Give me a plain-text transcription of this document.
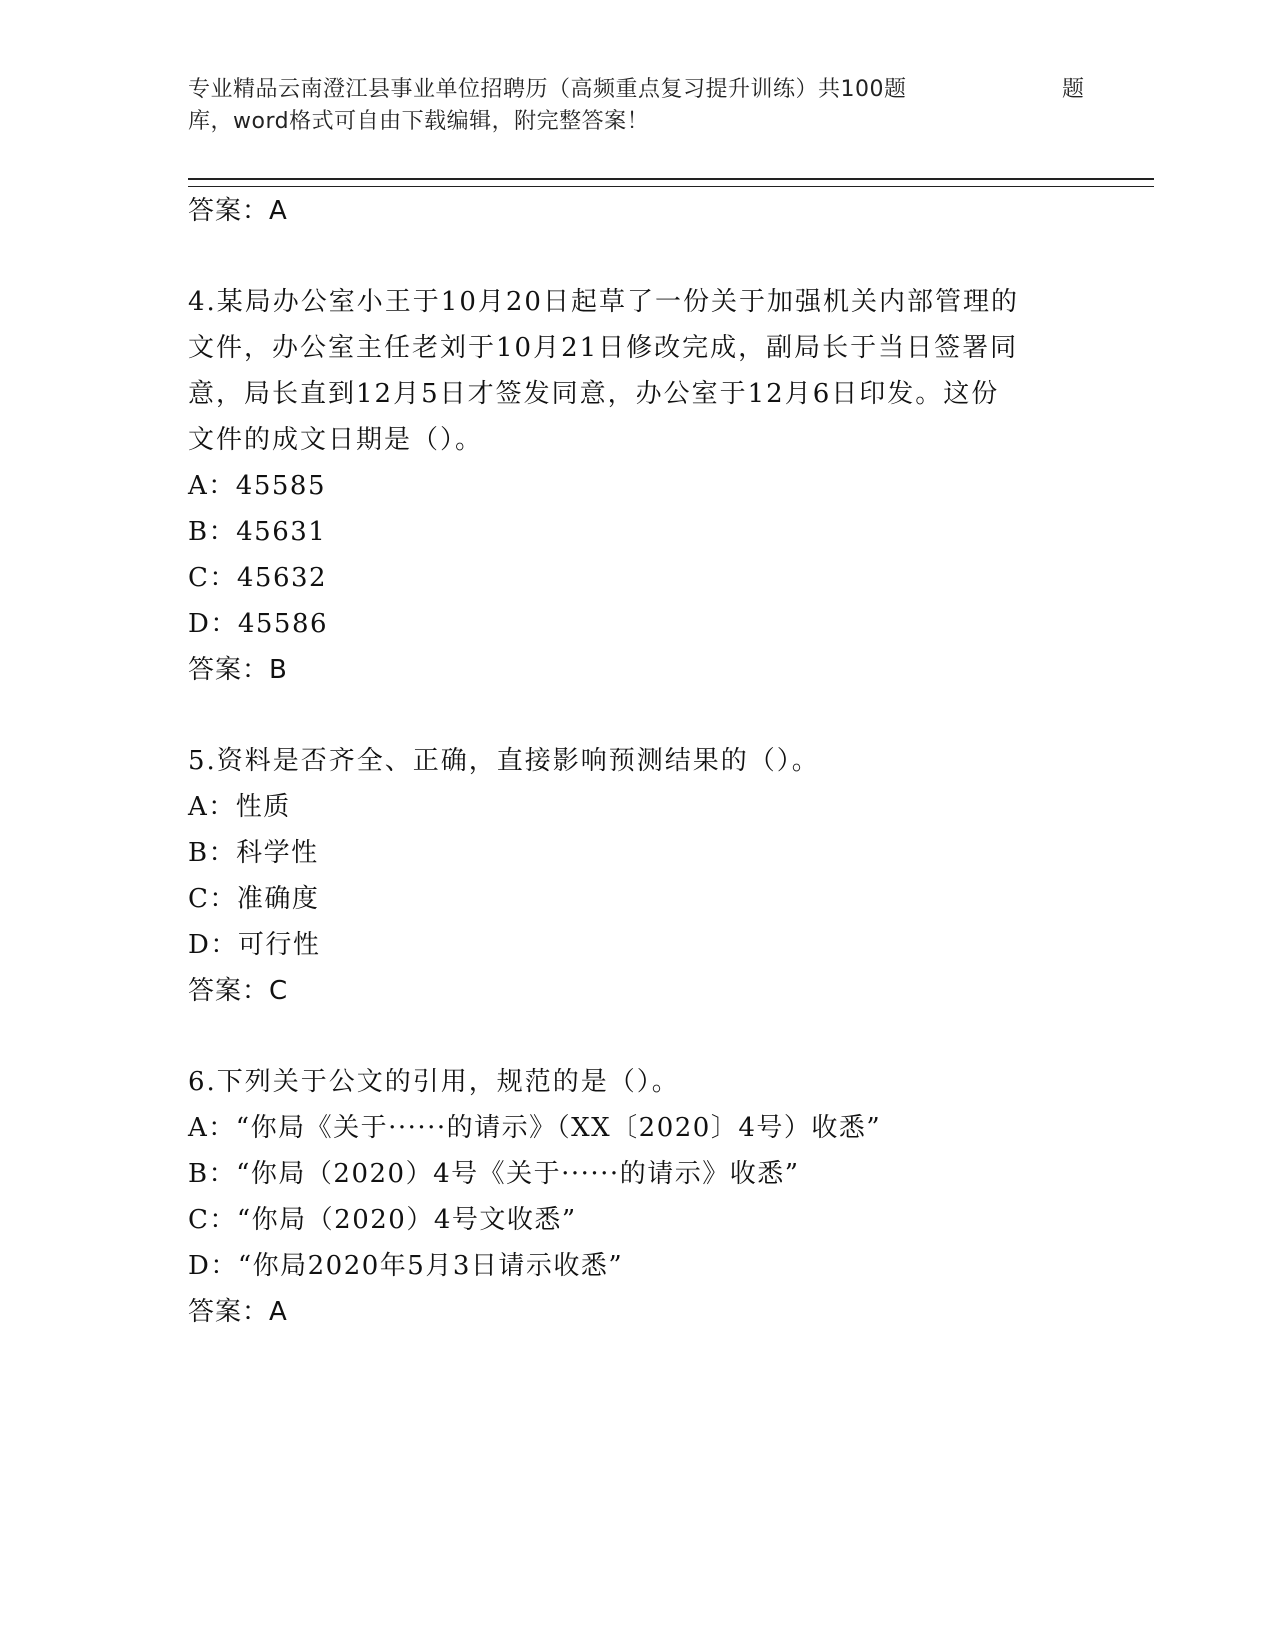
专业精品云南澄江县事业单位招聘历（高频重点复习提升训练）共100题	题
库，word格式可自由下载编辑，附完整答案！
答案：A
4.某局办公室小王于10月20日起草了一份关于加强机关内部管理的
文件，办公室主任老刘于10月21日修改完成，副局长于当日签署同
意，局长直到12月5日才签发同意，办公室于12月6日印发。这份
文件的成文日期是（）。
A：45585
B：45631
C：45632
D：45586
答案：B
5.资料是否齐全、正确，直接影响预测结果的（）。
A：性质
B：科学性
C：准确度
D：可行性
答案：C
6.下列关于公文的引用，规范的是（）。
A：“你局《关于······的请示》（XX〔2020〕4号）收悉”
B：“你局（2020）4号《关于······的请示》收悉”
C：“你局（2020）4号文收悉”
D：“你局2020年5月3日请示收悉”
答案：A
